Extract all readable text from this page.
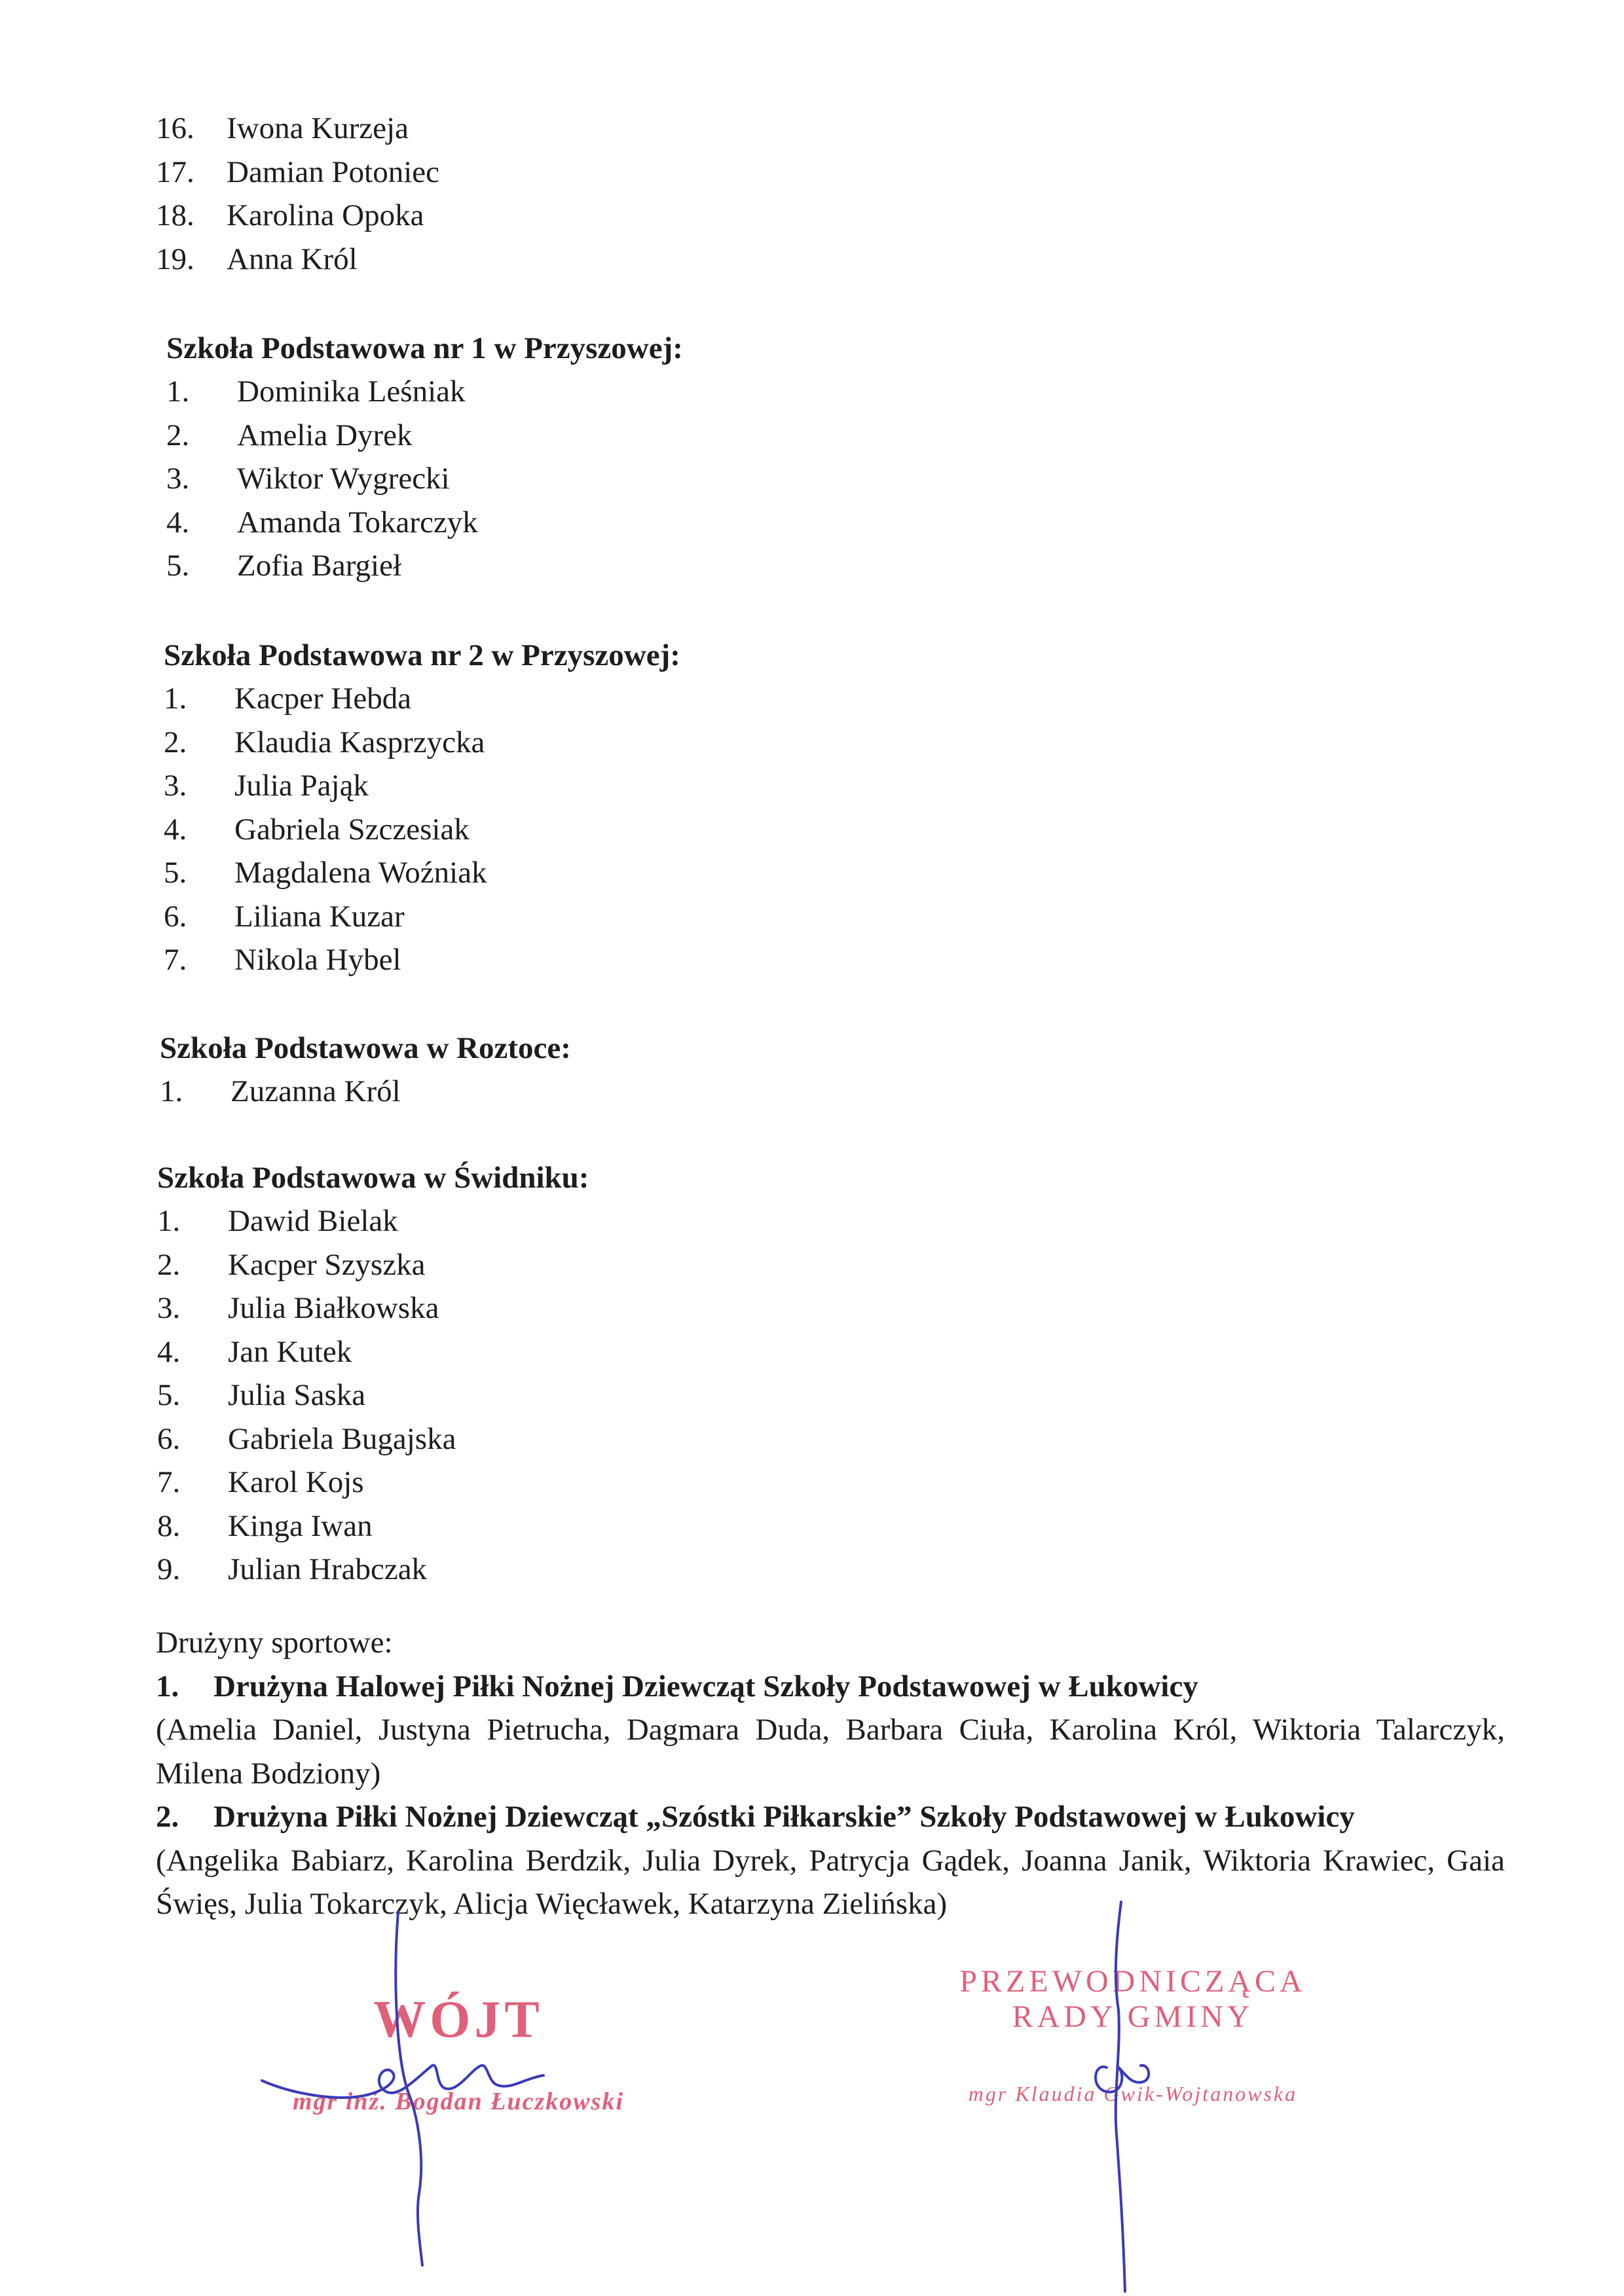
16. Iwona Kurzeja
17. Damian Potoniec
18. Karolina Opoka
19. Anna Król
Szkoła Podstawowa nr 1 w Przyszowej:
1. Dominika Leśniak
2. Amelia Dyrek
3. Wiktor Wygrecki
4. Amanda Tokarczyk
5. Zofia Bargieł
Szkoła Podstawowa nr 2 w Przyszowej:
1. Kacper Hebda
2. Klaudia Kasprzycka
3. Julia Pająk
4. Gabriela Szczesiak
5. Magdalena Woźniak
6. Liliana Kuzar
7. Nikola Hybel
Szkoła Podstawowa w Roztoce:
1. Zuzanna Król
Szkoła Podstawowa w Świdniku:
1. Dawid Bielak
2. Kacper Szyszka
3. Julia Białkowska
4. Jan Kutek
5. Julia Saska
6. Gabriela Bugajska
7. Karol Kojs
8. Kinga Iwan
9. Julian Hrabczak
Drużyny sportowe:
1. Drużyna Halowej Piłki Nożnej Dziewcząt Szkoły Podstawowej w Łukowicy
(Amelia Daniel, Justyna Pietrucha, Dagmara Duda, Barbara Ciuła, Karolina Król, Wiktoria Talarczyk, Milena Bodziony)
2. Drużyna Piłki Nożnej Dziewcząt „Szóstki Piłkarskie” Szkoły Podstawowej w Łukowicy
(Angelika Babiarz, Karolina Berdzik, Julia Dyrek, Patrycja Gądek, Joanna Janik, Wiktoria Krawiec, Gaia Święs, Julia Tokarczyk, Alicja Więcławek, Katarzyna Zielińska)
WÓJT
mgr inż. Bogdan Łuczkowski
PRZEWODNICZĄCA
RADY GMINY
mgr Klaudia Gwik-Wojtanowska
